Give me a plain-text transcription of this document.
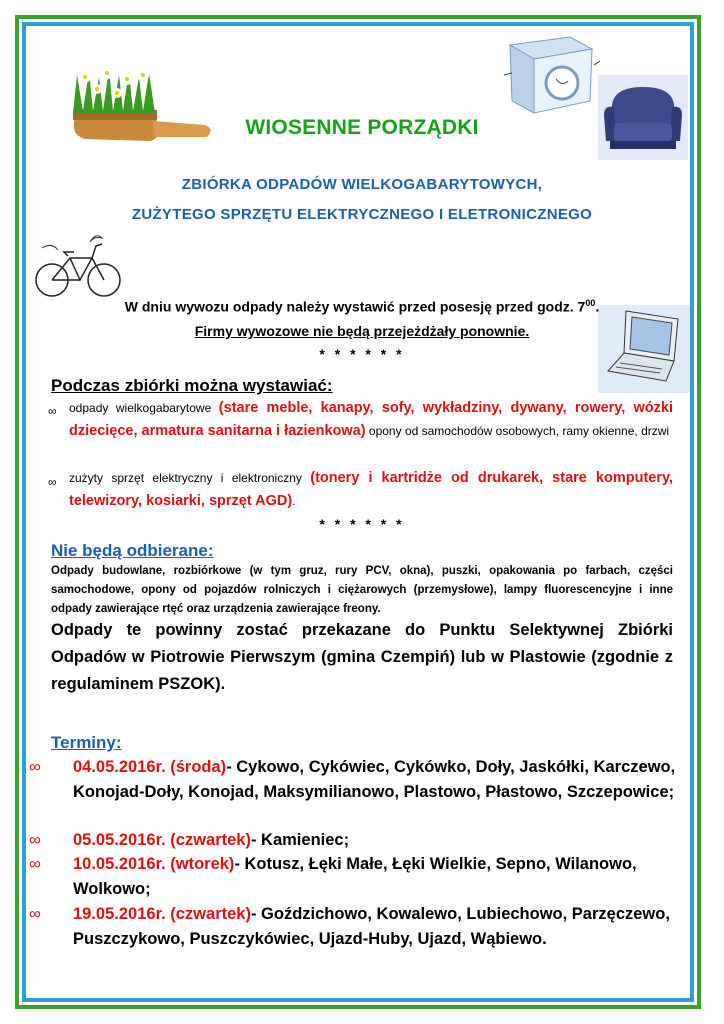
WIOSENNE PORZĄDKI
ZBIÓRKA ODPADÓW WIELKOGABARYTOWYCH,
ZUŻYTEGO SPRZĘTU ELEKTRYCZNEGO I ELETRONICZNEGO
W dniu wywozu odpady należy wystawić przed posesję przed godz. $7^{00}$.
Firmy wywozowe nie będą przejeżdżały ponownie.
* * * * * *
Podczas zbiórki można wystawiać:
∞ odpady wielkogabarytowe (stare meble, kanapy, sofy, wykładziny, dywany, rowery, wózki dziecięce, armatura sanitarna i łazienkowa) opony od samochodów osobowych, ramy okienne, drzwi
∞ zużyty sprzęt elektryczny i elektroniczny (tonery i kartridże od drukarek, stare komputery, telewizory, kosiarki, sprzęt AGD).
* * * * * *
Nie będą odbierane:
Odpady budowlane, rozbiórkowe (w tym gruz, rury PCV, okna), puszki, opakowania po farbach, części samochodowe, opony od pojazdów rolniczych i ciężarowych (przemysłowe), lampy fluorescencyjne i inne odpady zawierające rtęć oraz urządzenia zawierające freony.
Odpady te powinny zostać przekazane do Punktu Selektywnej Zbiórki Odpadów w Piotrowie Pierwszym (gmina Czempiń) lub w Plastowie (zgodnie z regulaminem PSZOK).
Terminy:
∞ 04.05.2016r. (środa)- Cykowo, Cykówiec, Cykówko, Doły, Jaskółki, Karczewo, Konojad-Doły, Konojad, Maksymilianowo, Plastowo, Płastowo, Szczepowice;
∞ 05.05.2016r. (czwartek)- Kamieniec;
∞ 10.05.2016r. (wtorek)- Kotusz, Łęki Małe, Łęki Wielkie, Sepno, Wilanowo, Wolkowo;
∞ 19.05.2016r. (czwartek)- Goździchowo, Kowalewo, Lubiechowo, Parzęczewo, Puszczykowo, Puszczykówiec, Ujazd-Huby, Ujazd, Wąbiewo.
